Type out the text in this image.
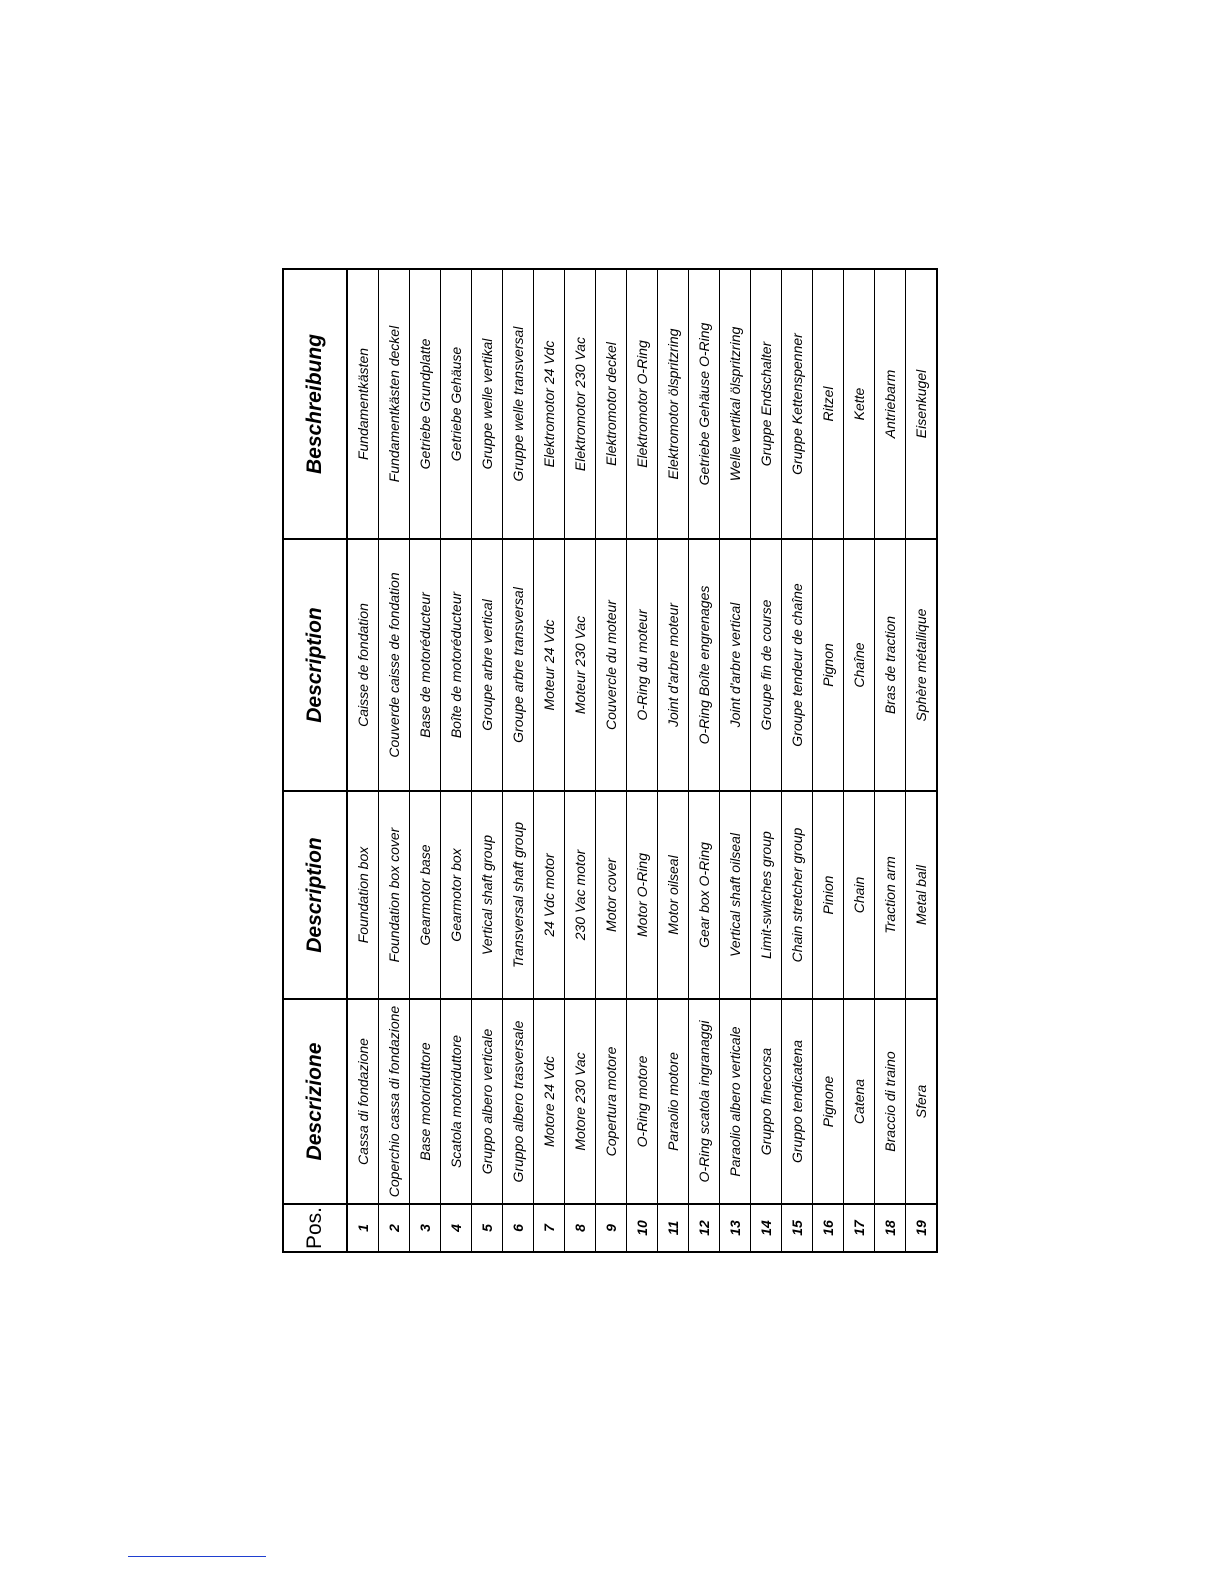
Pos.	Descrizione	Description	Description	Beschreibung
1	Cassa di fondazione	Foundation box	Caisse de fondation	Fundamentkästen
2	Coperchio cassa di fondazione	Foundation box cover	Couverde caisse de fondation	Fundamentkästen deckel
3	Base motoriduttore	Gearmotor base	Base de motoréducteur	Getriebe Grundplatte
4	Scatola motoriduttore	Gearmotor box	Boîte de motoréducteur	Getriebe Gehäuse
5	Gruppo albero verticale	Vertical shaft group	Groupe arbre vertical	Gruppe welle vertikal
6	Gruppo albero trasversale	Transversal shaft group	Groupe arbre transversal	Gruppe welle transversal
7	Motore 24 Vdc	24 Vdc motor	Moteur 24 Vdc	Elektromotor 24 Vdc
8	Motore 230 Vac	230 Vac motor	Moteur 230 Vac	Elektromotor 230 Vac
9	Copertura motore	Motor cover	Couvercle du moteur	Elektromotor deckel
10	O-Ring motore	Motor O-Ring	O-Ring du moteur	Elektromotor O-Ring
11	Paraolio motore	Motor oilseal	Joint d'arbre moteur	Elektromotor ölspritzring
12	O-Ring scatola ingranaggi	Gear box O-Ring	O-Ring Boîte engrenages	Getriebe Gehäuse O-Ring
13	Paraolio albero verticale	Vertical shaft oilseal	Joint d'arbre vertical	Welle vertikal ölspritzring
14	Gruppo finecorsa	Limit-switches group	Groupe fin de course	Gruppe Endschalter
15	Gruppo tendicatena	Chain stretcher group	Groupe tendeur de chaîne	Gruppe Kettenspenner
16	Pignone	Pinion	Pignon	Ritzel
17	Catena	Chain	Chaîne	Kette
18	Braccio di traino	Traction arm	Bras de traction	Antriebarm
19	Sfera	Metal ball	Sphère métallique	Eisenkugel
